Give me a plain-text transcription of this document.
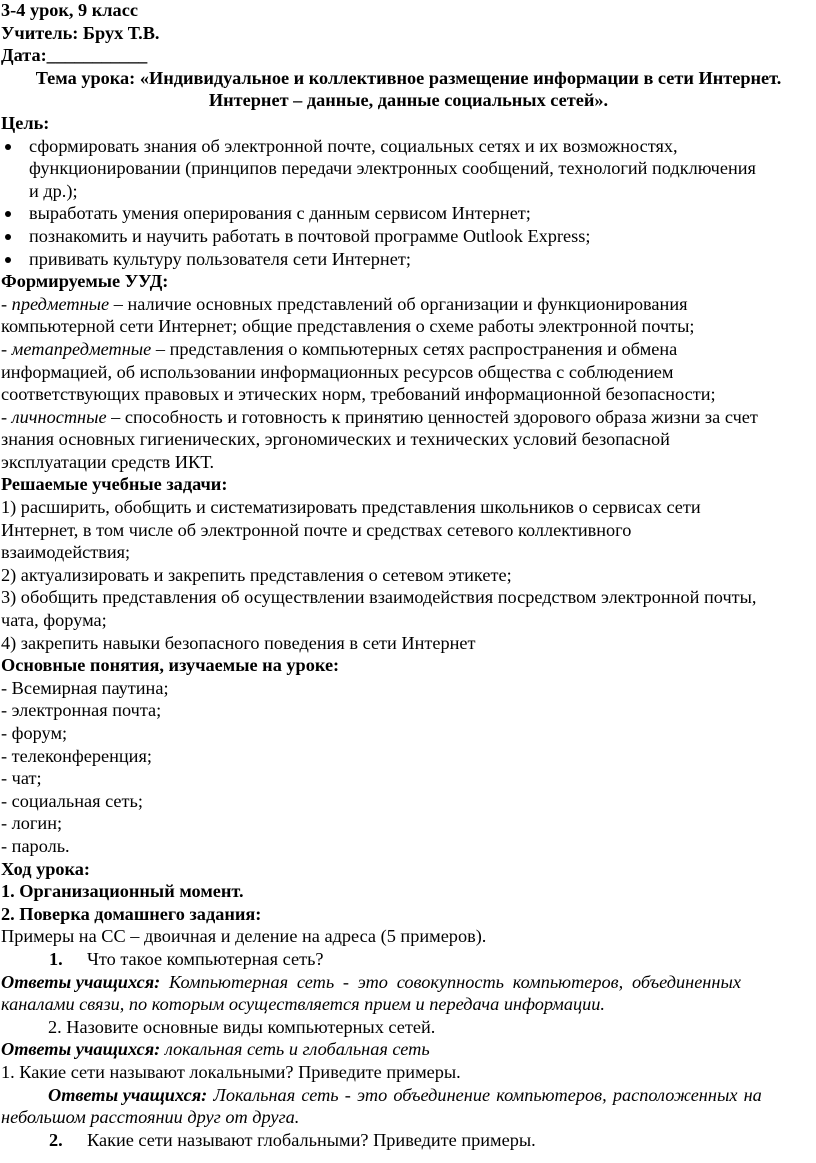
3-4 урок, 9 класс
Учитель: Брух Т.В.
Дата:___________
Тема урока: «Индивидуальное и коллективное размещение информации в сети Интернет.
Интернет – данные, данные социальных сетей».
Цель:
сформировать знания об электронной почте, социальных сетях и их возможностях,
функционировании (принципов передачи электронных сообщений, технологий подключения
и др.);
выработать умения оперирования с данным сервисом Интернет;
познакомить и научить работать в почтовой программе Outlook Express;
прививать культуру пользователя сети Интернет;
Формируемые УУД:
- предметные – наличие основных представлений об организации и функционирования
компьютерной сети Интернет; общие представления о схеме работы электронной почты;
- метапредметные – представления о компьютерных сетях распространения и обмена
информацией, об использовании информационных ресурсов общества с соблюдением
соответствующих правовых и этических норм, требований информационной безопасности;
- личностные – способность и готовность к принятию ценностей здорового образа жизни за счет
знания основных гигиенических, эргономических и технических условий безопасной
эксплуатации средств ИКТ.
Решаемые учебные задачи:
1) расширить, обобщить и систематизировать представления школьников о сервисах сети
Интернет, в том числе об электронной почте и средствах сетевого коллективного
взаимодействия;
2) актуализировать и закрепить представления о сетевом этикете;
3) обобщить представления об осуществлении взаимодействия посредством электронной почты,
чата, форума;
4) закрепить навыки безопасного поведения в сети Интернет
Основные понятия, изучаемые на уроке:
- Всемирная паутина;
- электронная почта;
- форум;
- телеконференция;
- чат;
- социальная сеть;
- логин;
- пароль.
Ход урока:
1. Организационный момент.
2. Поверка домашнего задания:
Примеры на СС – двоичная и деление на адреса (5 примеров).
1. Что такое компьютерная сеть?
Ответы учащихся: Компьютерная сеть - это совокупность компьютеров, объединенных
каналами связи, по которым осуществляется прием и передача информации.
2. Назовите основные виды компьютерных сетей.
Ответы учащихся: локальная сеть и глобальная сеть
1. Какие сети называют локальными? Приведите примеры.
Ответы учащихся: Локальная сеть - это объединение компьютеров, расположенных на
небольшом расстоянии друг от друга.
2. Какие сети называют глобальными? Приведите примеры.
